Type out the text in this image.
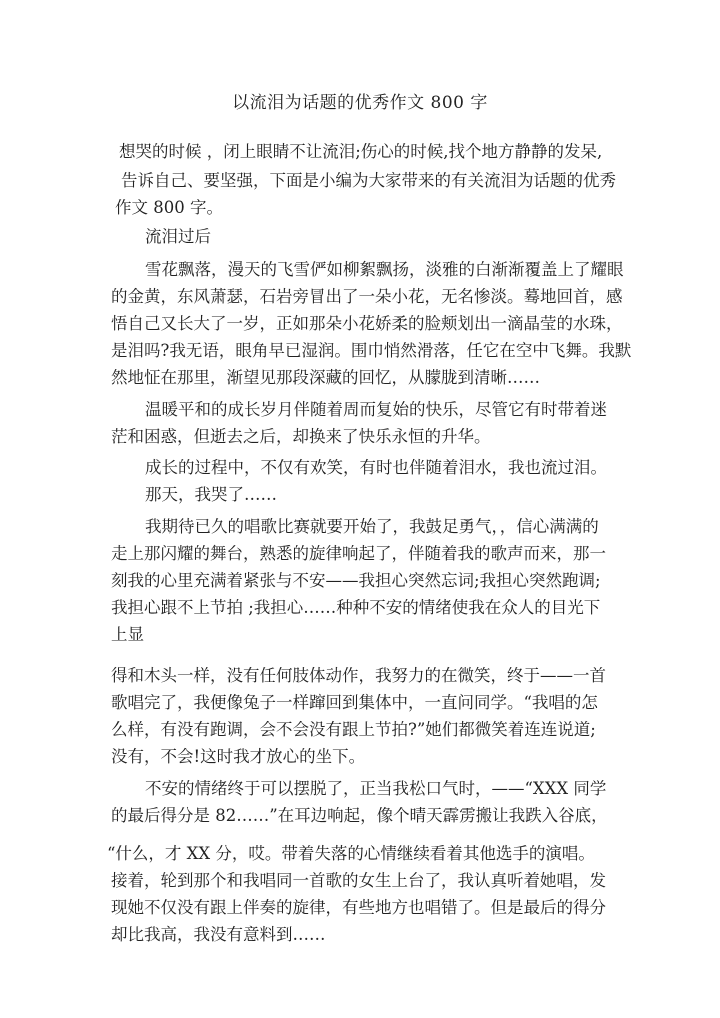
以流泪为话题的优秀作文 800 字
想哭的时候 ，闭上眼睛不让流泪;伤心的时候,找个地方静静的发呆,
告诉自己、要坚强，下面是小编为大家带来的有关流泪为话题的优秀
作文 800 字。
流泪过后
雪花飘落，漫天的飞雪俨如柳絮飘扬，淡雅的白渐渐覆盖上了耀眼
的金黄，东风萧瑟，石岩旁冒出了一朵小花，无名惨淡。蓦地回首，感
悟自己又长大了一岁，正如那朵小花娇柔的脸颊划出一滴晶莹的水珠，
是泪吗?我无语，眼角早已湿润。围巾悄然滑落，任它在空中飞舞。我默
然地怔在那里，渐望见那段深藏的回忆，从朦胧到清晰……
温暖平和的成长岁月伴随着周而复始的快乐，尽管它有时带着迷
茫和困惑，但逝去之后，却换来了快乐永恒的升华。
成长的过程中，不仅有欢笑，有时也伴随着泪水，我也流过泪。
那天，我哭了……
我期待已久的唱歌比赛就要开始了，我鼓足勇气，，信心满满的
走上那闪耀的舞台，熟悉的旋律响起了，伴随着我的歌声而来，那一
刻我的心里充满着紧张与不安——我担心突然忘词;我担心突然跑调;
我担心跟不上节拍 ;我担心……种种不安的情绪使我在众人的目光下
上显
得和木头一样，没有任何肢体动作，我努力的在微笑，终于——一首
歌唱完了，我便像兔子一样蹿回到集体中，一直问同学。“我唱的怎
么样，有没有跑调，会不会没有跟上节拍?”她们都微笑着连连说道;
没有，不会!这时我才放心的坐下。
不安的情绪终于可以摆脱了，正当我松口气时，——“XXX 同学
的最后得分是 82……”在耳边响起，像个晴天霹雳搬让我跌入谷底，
“什么，才 XX 分，哎。带着失落的心情继续看着其他选手的演唱。
接着，轮到那个和我唱同一首歌的女生上台了，我认真听着她唱，发
现她不仅没有跟上伴奏的旋律，有些地方也唱错了。但是最后的得分
却比我高，我没有意料到……
